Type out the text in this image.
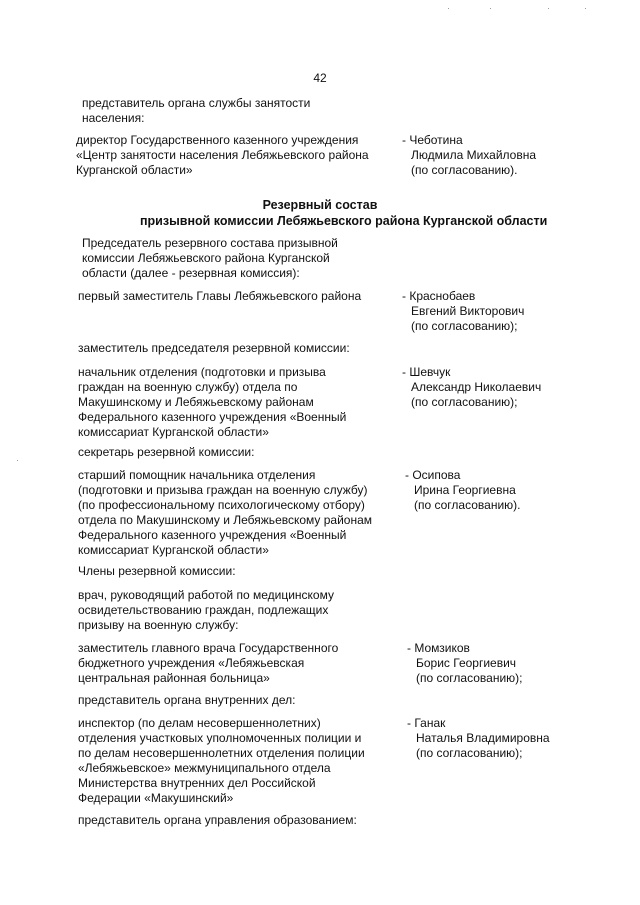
42
представитель органа службы занятости
населения:
директор Государственного казенного учреждения
«Центр занятости населения Лебяжьевского района
Курганской области»
- Чеботина
Людмила Михайловна
(по согласованию).
Резервный состав
призывной комиссии Лебяжьевского района Курганской области
Председатель резервного состава призывной
комиссии Лебяжьевского района Курганской
области (далее - резервная комиссия):
первый заместитель Главы Лебяжьевского района	- Краснобаев
Евгений Викторович
(по согласованию);
заместитель председателя резервной комиссии:
начальник отделения (подготовки и призыва
граждан на военную службу) отдела по
Макушинскому и Лебяжьевскому районам
Федерального казенного учреждения «Военный
комиссариат Курганской области»
- Шевчук
Александр Николаевич
(по согласованию);
секретарь резервной комиссии:
старший помощник начальника отделения
(подготовки и призыва граждан на военную службу)
(по профессиональному психологическому отбору)
отдела по Макушинскому и Лебяжьевскому районам
Федерального казенного учреждения «Военный
комиссариат Курганской области»
- Осипова
Ирина Георгиевна
(по согласованию).
Члены резервной комиссии:
врач, руководящий работой по медицинскому
освидетельствованию граждан, подлежащих
призыву на военную службу:
заместитель главного врача Государственного
бюджетного учреждения «Лебяжьевская
центральная районная больница»
- Момзиков
Борис Георгиевич
(по согласованию);
представитель органа внутренних дел:
инспектор (по делам несовершеннолетних)
отделения участковых уполномоченных полиции и
по делам несовершеннолетних отделения полиции
«Лебяжьевское» межмуниципального отдела
Министерства внутренних дел Российской
Федерации «Макушинский»
- Ганак
Наталья Владимировна
(по согласованию);
представитель органа управления образованием:
